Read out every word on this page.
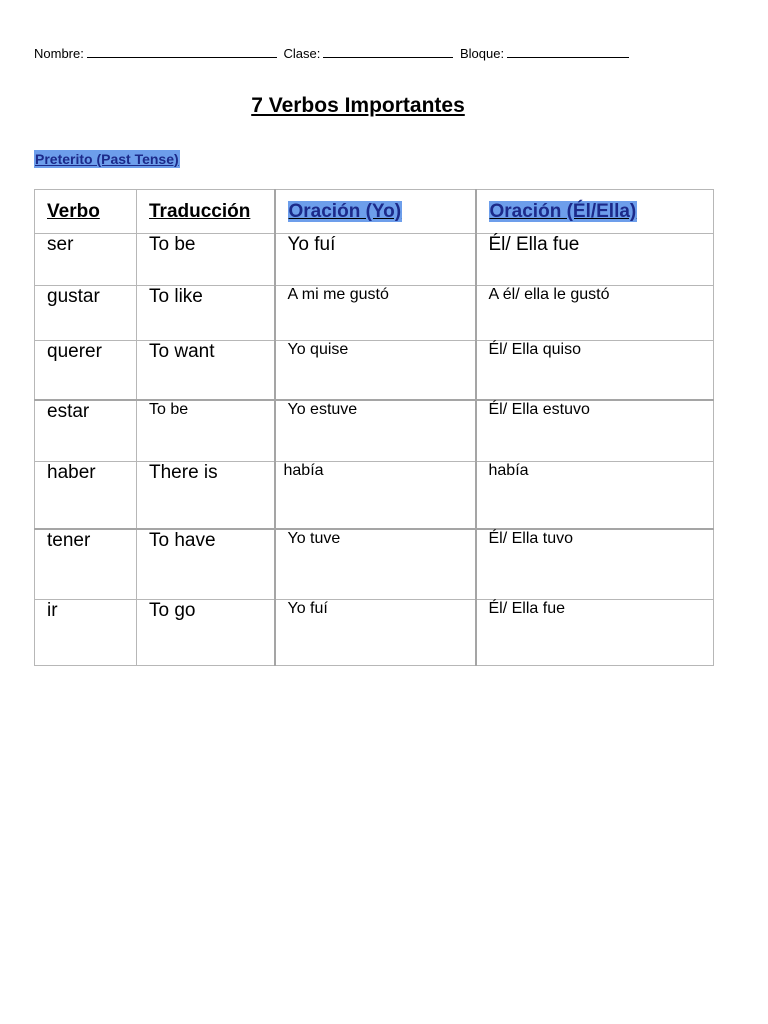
Nombre:	Clase:	Bloque:
7 Verbos Importantes
Preterito (Past Tense)
Verbo	Traducción	Oración (Yo)	Oración (Él/Ella)
ser	To be	Yo fuí	Él/ Ella fue
gustar	To like	A mi me gustó	A él/ ella le gustó
querer	To want	Yo quise	Él/ Ella quiso
estar	To be	Yo estuve	Él/ Ella estuvo
haber	There is	había	había
tener	To have	Yo tuve	Él/ Ella tuvo
ir	To go	Yo fuí	Él/ Ella fue
